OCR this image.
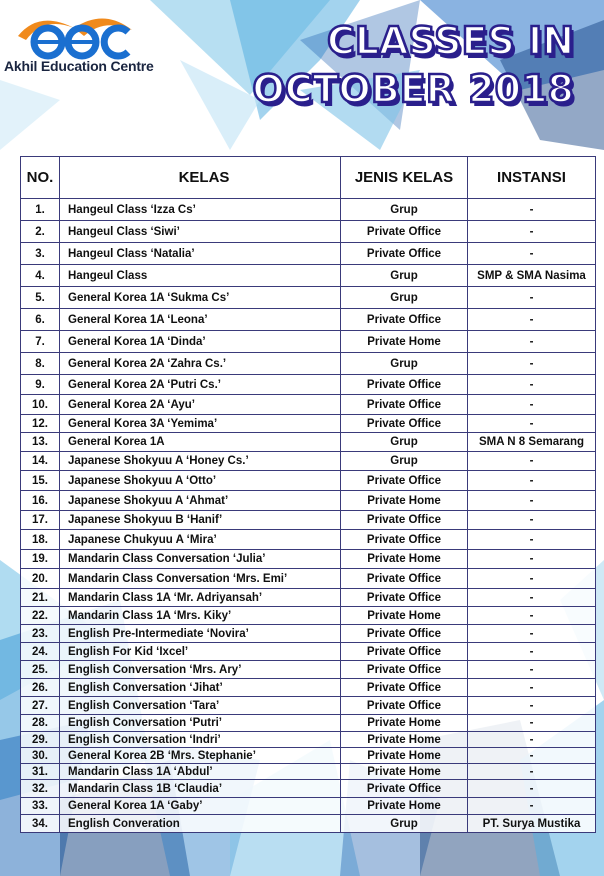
Akhil Education Centre
CLASSES IN
OCTOBER 2018
NO.	KELAS	JENIS KELAS	INSTANSI
1.	Hangeul Class ‘Izza Cs’	Grup	-
2.	Hangeul Class ‘Siwi’	Private Office	-
3.	Hangeul Class ‘Natalia’	Private Office	-
4.	Hangeul Class	Grup	SMP & SMA Nasima
5.	General Korea 1A ‘Sukma Cs’	Grup	-
6.	General Korea 1A ‘Leona’	Private Office	-
7.	General Korea 1A ‘Dinda’	Private Home	-
8.	General Korea 2A ‘Zahra Cs.’	Grup	-
9.	General Korea 2A ‘Putri Cs.’	Private Office	-
10.	General Korea 2A ‘Ayu’	Private Office	-
12.	General Korea 3A ‘Yemima’	Private Office	-
13.	General Korea 1A	Grup	SMA N 8 Semarang
14.	Japanese Shokyuu A ‘Honey Cs.’	Grup	-
15.	Japanese Shokyuu A ‘Otto’	Private Office	-
16.	Japanese Shokyuu A ‘Ahmat’	Private Home	-
17.	Japanese Shokyuu B ‘Hanif’	Private Office	-
18.	Japanese Chukyuu A ‘Mira’	Private Office	-
19.	Mandarin Class Conversation ‘Julia’	Private Home	-
20.	Mandarin Class Conversation ‘Mrs. Emi’	Private Office	-
21.	Mandarin Class 1A ‘Mr. Adriyansah’	Private Office	-
22.	Mandarin Class 1A ‘Mrs. Kiky’	Private Home	-
23.	English Pre-Intermediate ‘Novira’	Private Office	-
24.	English For Kid ‘Ixcel’	Private Office	-
25.	English Conversation ‘Mrs. Ary’	Private Office	-
26.	English Conversation ‘Jihat’	Private Office	-
27.	English Conversation ‘Tara’	Private Office	-
28.	English Conversation ‘Putri’	Private Home	-
29.	English Conversation ‘Indri’	Private Home	-
30.	General Korea 2B ‘Mrs. Stephanie’	Private Home	-
31.	Mandarin Class 1A ‘Abdul’	Private Home	-
32.	Mandarin Class 1B ‘Claudia’	Private Office	-
33.	General Korea 1A ‘Gaby’	Private Home	-
34.	English Converation	Grup	PT. Surya Mustika
